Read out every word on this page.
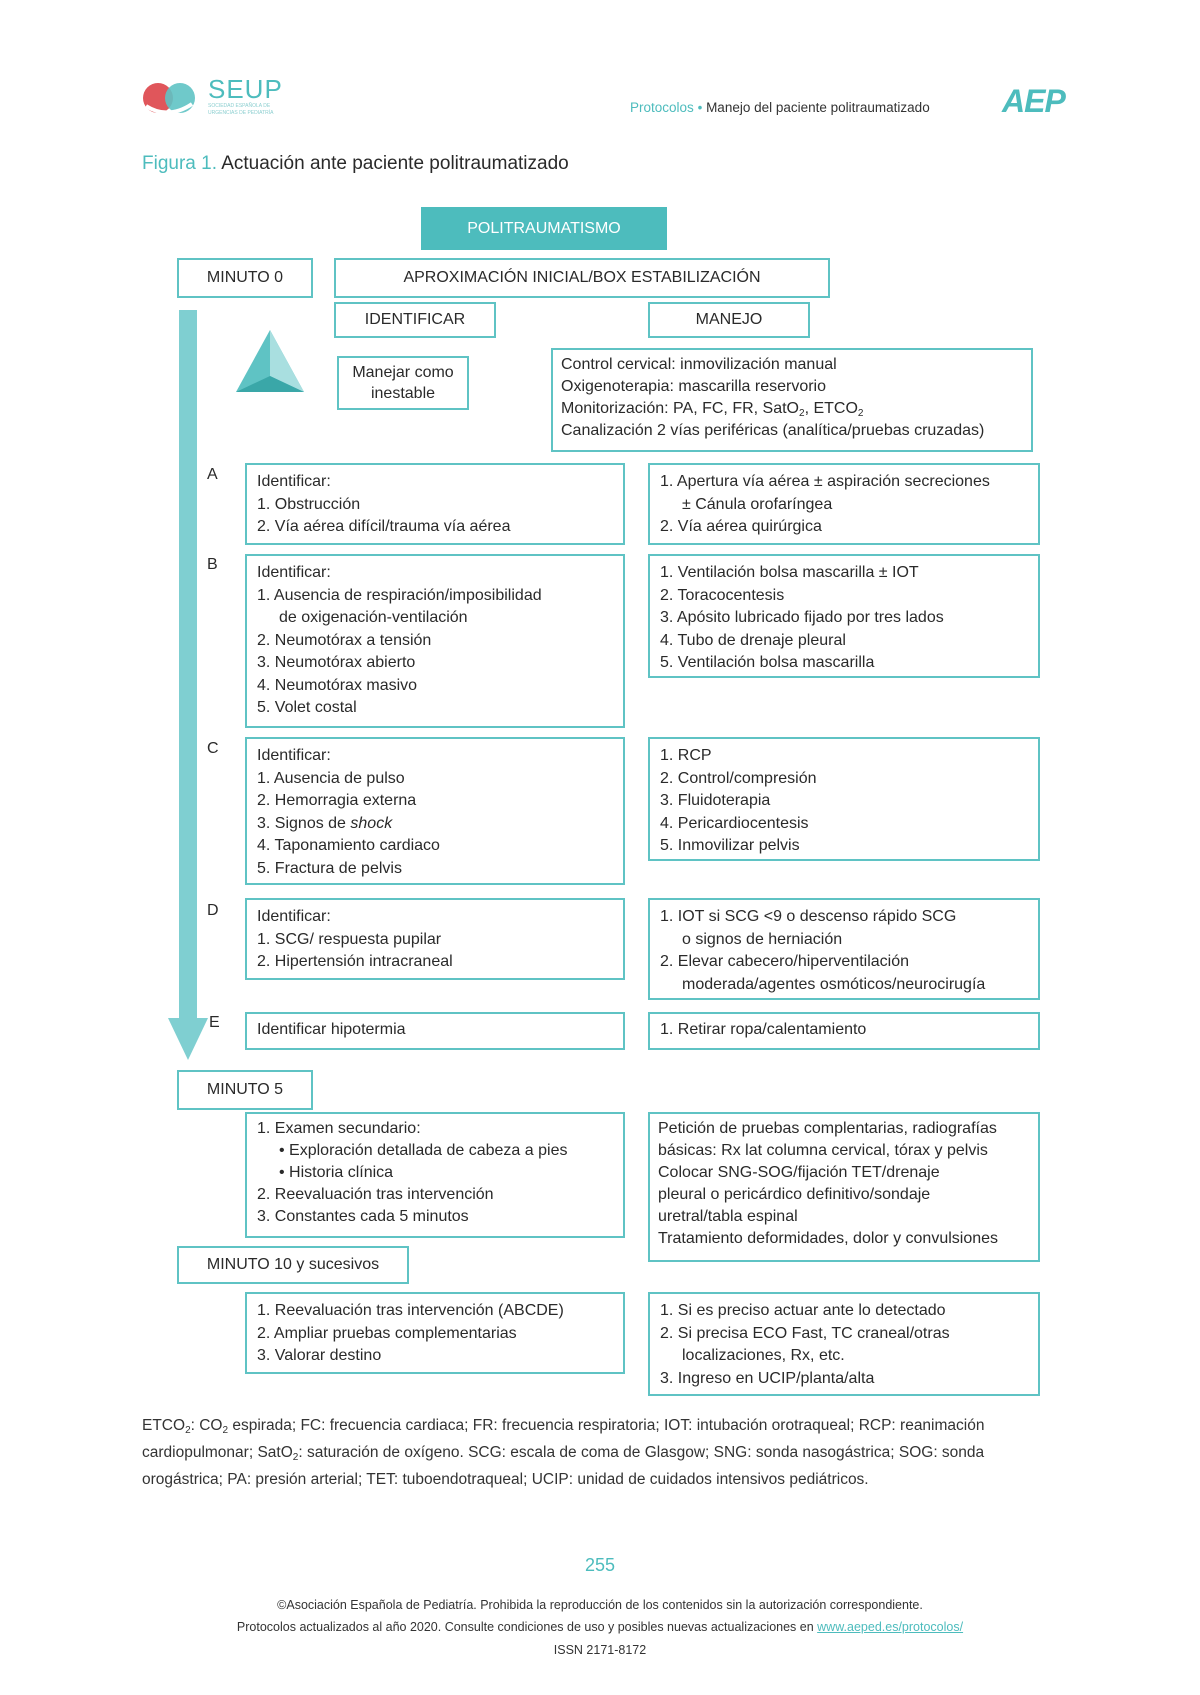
SEUP
SOCIEDAD ESPAÑOLA DE
URGENCIAS DE PEDIATRÍA	Protocolos • Manejo del paciente politraumatizado AEP
Figura 1. Actuación ante paciente politraumatizado
POLITRAUMATISMO
MINUTO 0	APROXIMACIÓN INICIAL/BOX ESTABILIZACIÓN
IDENTIFICAR	MANEJO
Manejar como inestable
Control cervical: inmovilización manual
Oxigenoterapia: mascarilla reservorio
Monitorización: PA, FC, FR, SatO$_2$, $ETCO_2$
Canalización 2 vías periféricas (analítica/pruebas cruzadas)
A Identificar:
1. Obstrucción
2. Vía aérea difícil/trauma vía aérea
1. Apertura vía aérea ± aspiración secreciones
± Cánula orofaríngea
2. Vía aérea quirúrgica
B Identificar:
1. Ausencia de respiración/imposibilidad
de oxigenación-ventilación
2. Neumotórax a tensión
3. Neumotórax abierto
4. Neumotórax masivo
5. Volet costal
1. Ventilación bolsa mascarilla ± IOT
2. Toracocentesis
3. Apósito lubricado fijado por tres lados
4. Tubo de drenaje pleural
5. Ventilación bolsa mascarilla
C Identificar:
1. Ausencia de pulso
2. Hemorragia externa
3. Signos de shock
4. Taponamiento cardiaco
5. Fractura de pelvis
1. RCP
2. Control/compresión
3. Fluidoterapia
4. Pericardiocentesis
5. Inmovilizar pelvis
D Identificar:
1. SCG/ respuesta pupilar
2. Hipertensión intracraneal
1. IOT si SCG <9 o descenso rápido SCG
o signos de herniación
2. Elevar cabecero/hiperventilación
moderada/agentes osmóticos/neurocirugía
E Identificar hipotermia	1. Retirar ropa/calentamiento
MINUTO 5
1. Examen secundario:
• Exploración detallada de cabeza a pies
• Historia clínica
2. Reevaluación tras intervención
3. Constantes cada 5 minutos
Petición de pruebas complentarias, radiografías
básicas: Rx lat columna cervical, tórax y pelvis
Colocar SNG-SOG/fijación TET/drenaje
pleural o pericárdico definitivo/sondaje
uretral/tabla espinal
Tratamiento deformidades, dolor y convulsiones
MINUTO 10 y sucesivos
1. Reevaluación tras intervención (ABCDE)
2. Ampliar pruebas complementarias
3. Valorar destino
1. Si es preciso actuar ante lo detectado
2. Si precisa ECO Fast, TC craneal/otras
localizaciones, Rx, etc.
3. Ingreso en UCIP/planta/alta
$ETCO_2$: $CO_2$ espirada; FC: frecuencia cardiaca; FR: frecuencia respiratoria; IOT: intubación orotraqueal; RCP: reanimación
cardiopulmonar; SatO$_2$: saturación de oxígeno. SCG: escala de coma de Glasgow; SNG: sonda nasogástrica; SOG: sonda
orogástrica; PA: presión arterial; TET: tuboendotraqueal; UCIP: unidad de cuidados intensivos pediátricos.
255
©Asociación Española de Pediatría. Prohibida la reproducción de los contenidos sin la autorización correspondiente.
Protocolos actualizados al año 2020. Consulte condiciones de uso y posibles nuevas actualizaciones en www.aeped.es/protocolos/
ISSN 2171-8172
